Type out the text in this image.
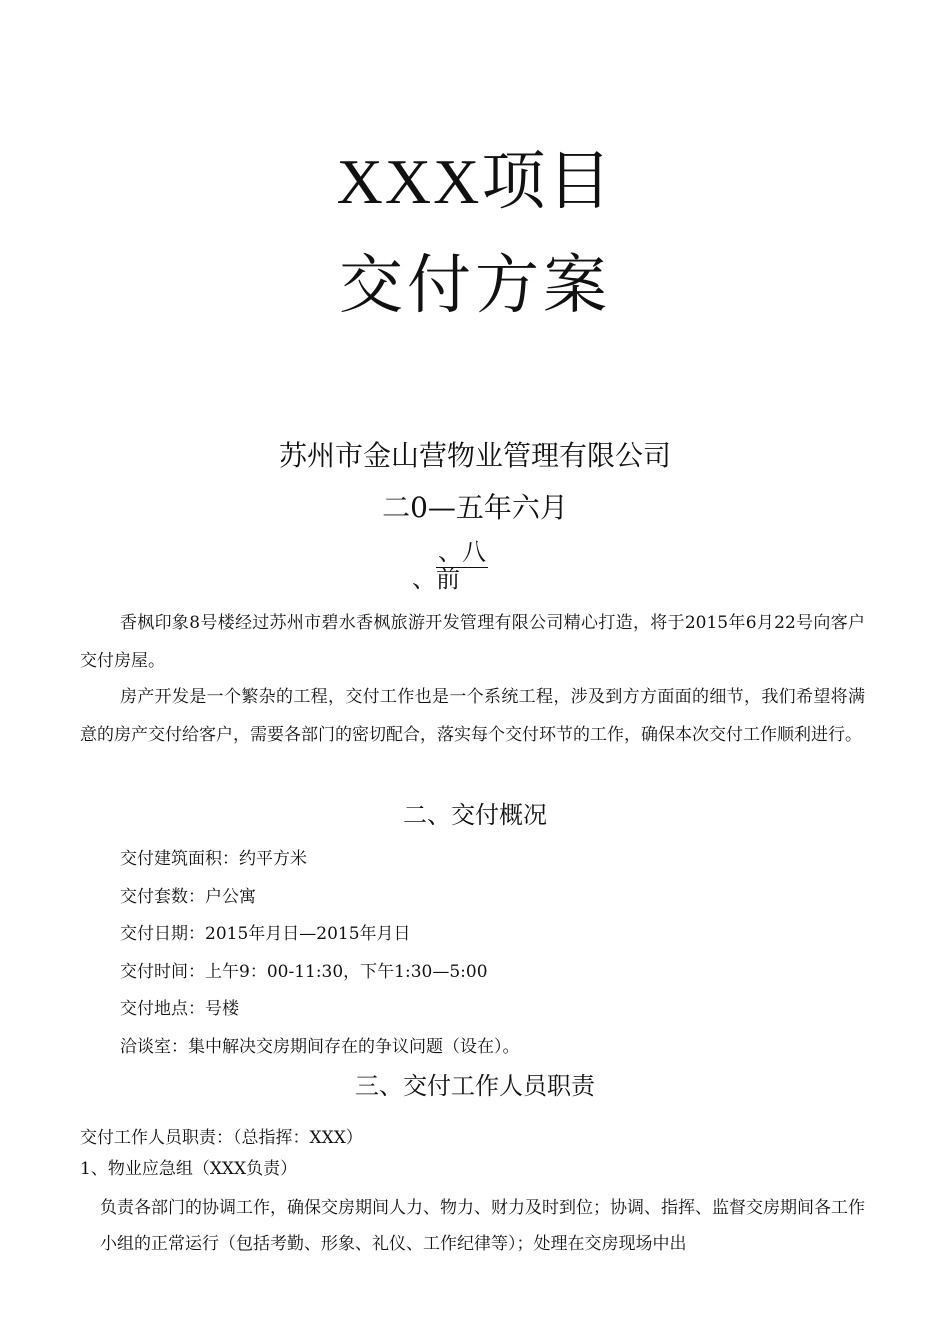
XXX项目
交付方案
苏州市金山营物业管理有限公司
二0—五年六月
、八
、前
香枫印象8号楼经过苏州市碧水香枫旅游开发管理有限公司精心打造，将于2015年6月22号向客户交付房屋。
房产开发是一个繁杂的工程，交付工作也是一个系统工程，涉及到方方面面的细节，我们希望将满意的房产交付给客户，需要各部门的密切配合，落实每个交付环节的工作，确保本次交付工作顺利进行。
二、交付概况
交付建筑面积：约平方米
交付套数：户公寓
交付日期：2015年月日—2015年月日
交付时间：上午9：00-11:30，下午1:30—5:00
交付地点：号楼
洽谈室：集中解决交房期间存在的争议问题（设在）。
三、交付工作人员职责
交付工作人员职责：（总指挥：XXX）
1、物业应急组（XXX负责）
负责各部门的协调工作，确保交房期间人力、物力、财力及时到位；协调、指挥、监督交房期间各工作小组的正常运行（包括考勤、形象、礼仪、工作纪律等）；处理在交房现场中出
